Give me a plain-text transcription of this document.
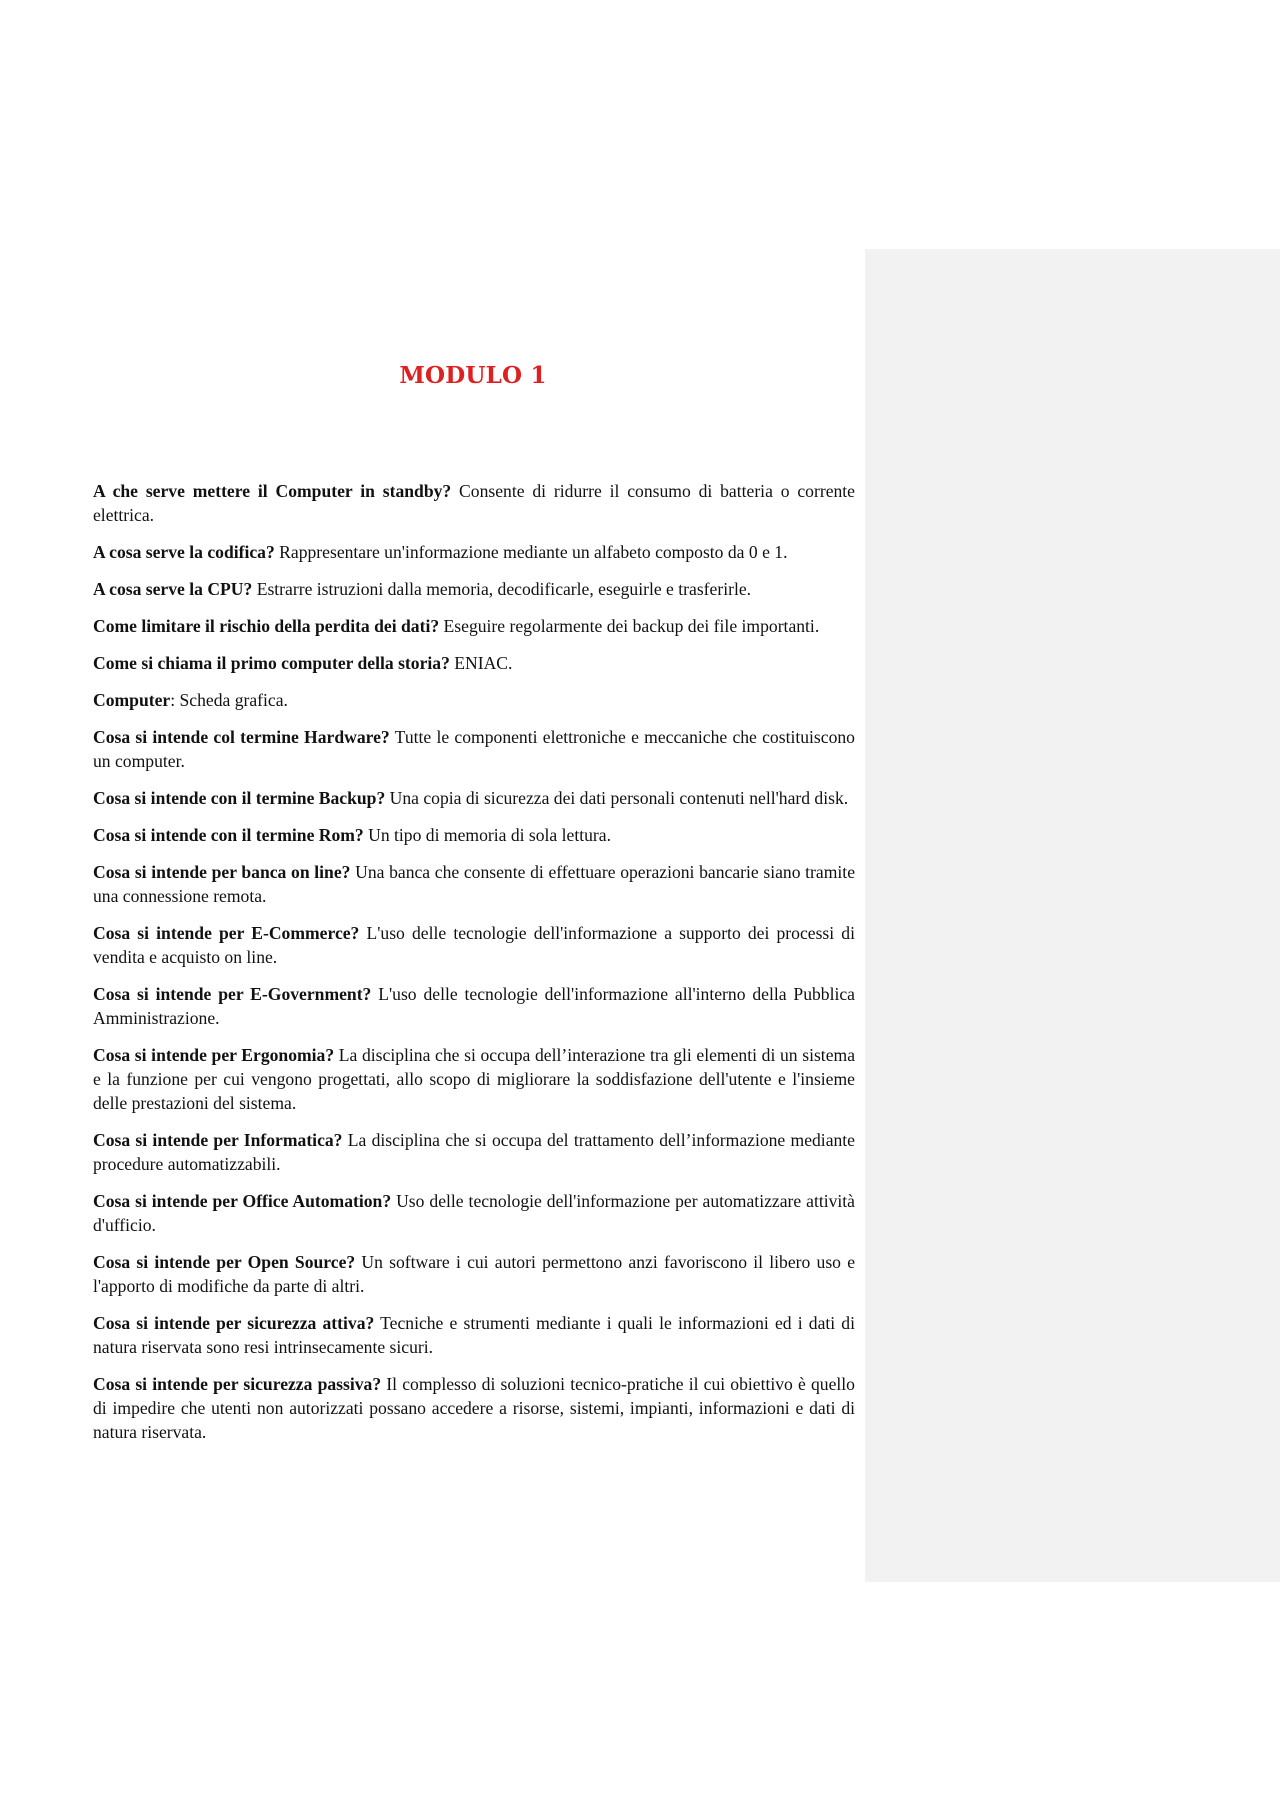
MODULO 1

A che serve mettere il Computer in standby? Consente di ridurre il consumo di batteria o corrente elettrica.

A cosa serve la codifica? Rappresentare un'informazione mediante un alfabeto composto da 0 e 1.

A cosa serve la CPU? Estrarre istruzioni dalla memoria, decodificarle, eseguirle e trasferirle.

Come limitare il rischio della perdita dei dati? Eseguire regolarmente dei backup dei file importanti.

Come si chiama il primo computer della storia? ENIAC.

Computer: Scheda grafica.

Cosa si intende col termine Hardware? Tutte le componenti elettroniche e meccaniche che costituiscono un computer.

Cosa si intende con il termine Backup? Una copia di sicurezza dei dati personali contenuti nell'hard disk.

Cosa si intende con il termine Rom? Un tipo di memoria di sola lettura.

Cosa si intende per banca on line? Una banca che consente di effettuare operazioni bancarie siano tramite una connessione remota.

Cosa si intende per E-Commerce? L'uso delle tecnologie dell'informazione a supporto dei processi di vendita e acquisto on line.

Cosa si intende per E-Government? L'uso delle tecnologie dell'informazione all'interno della Pubblica Amministrazione.

Cosa si intende per Ergonomia? La disciplina che si occupa dell’interazione tra gli elementi di un sistema e la funzione per cui vengono progettati, allo scopo di migliorare la soddisfazione dell'utente e l'insieme delle prestazioni del sistema.

Cosa si intende per Informatica? La disciplina che si occupa del trattamento dell’informazione mediante procedure automatizzabili.

Cosa si intende per Office Automation? Uso delle tecnologie dell'informazione per automatizzare attività d'ufficio.

Cosa si intende per Open Source? Un software i cui autori permettono anzi favoriscono il libero uso e l'apporto di modifiche da parte di altri.

Cosa si intende per sicurezza attiva? Tecniche e strumenti mediante i quali le informazioni ed i dati di natura riservata sono resi intrinsecamente sicuri.

Cosa si intende per sicurezza passiva? Il complesso di soluzioni tecnico-pratiche il cui obiettivo è quello di impedire che utenti non autorizzati possano accedere a risorse, sistemi, impianti, informazioni e dati di natura riservata.
